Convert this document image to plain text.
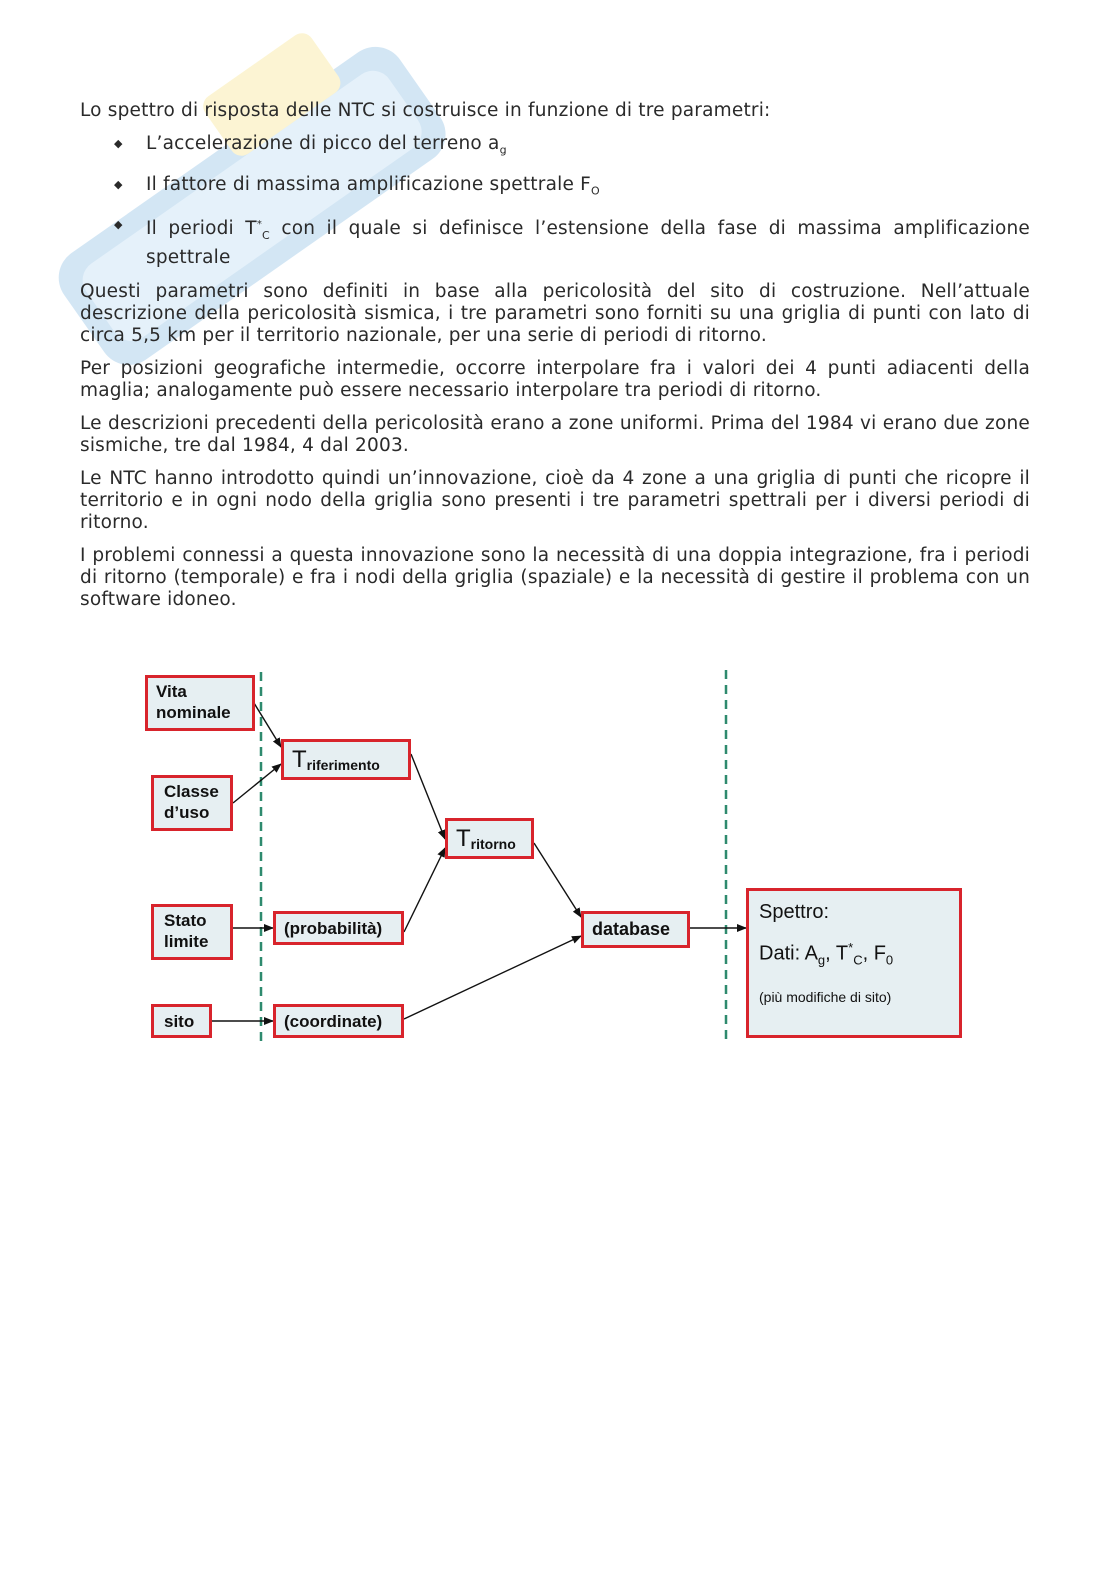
Lo spettro di risposta delle NTC si costruisce in funzione di tre parametri:

◆ L’accelerazione di picco del terreno $a_g$
◆ Il fattore di massima amplificazione spettrale $F_O$
◆ Il periodi $T^*_C$ con il quale si definisce l’estensione della fase di massima amplificazione spettrale

Questi parametri sono definiti in base alla pericolosità del sito di costruzione. Nell’attuale descrizione della pericolosità sismica, i tre parametri sono forniti su una griglia di punti con lato di circa 5,5 km per il territorio nazionale, per una serie di periodi di ritorno.

Per posizioni geografiche intermedie, occorre interpolare fra i valori dei 4 punti adiacenti della maglia; analogamente può essere necessario interpolare tra periodi di ritorno.

Le descrizioni precedenti della pericolosità erano a zone uniformi. Prima del 1984 vi erano due zone sismiche, tre dal 1984, 4 dal 2003.

Le NTC hanno introdotto quindi un’innovazione, cioè da 4 zone a una griglia di punti che ricopre il territorio e in ogni nodo della griglia sono presenti i tre parametri spettrali per i diversi periodi di ritorno.

I problemi connessi a questa innovazione sono la necessità di una doppia integrazione, fra i periodi di ritorno (temporale) e fra i nodi della griglia (spaziale) e la necessità di gestire il problema con un software idoneo.

Vita
nominale
Classe
d’uso
Stato
limite
sito
T riferimento
(probabilità)
(coordinate)
T ritorno
database
Spettro:
Dati: $A_g$, $T^*_C$, $F_0$
(più modifiche di sito)
